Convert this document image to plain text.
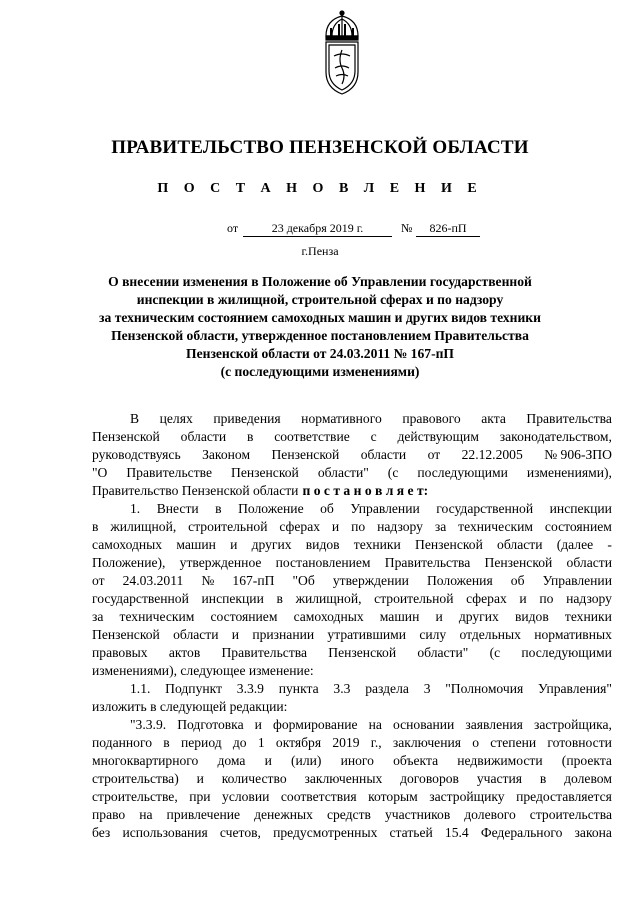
ПРАВИТЕЛЬСТВО ПЕНЗЕНСКОЙ ОБЛАСТИ
П О С Т А Н О В Л Е Н И Е
от	23 декабря 2019 г.	№	826-пП
г.Пенза
О внесении изменения в Положение об Управлении государственной
инспекции в жилищной, строительной сферах и по надзору
за техническим состоянием самоходных машин и других видов техники
Пензенской области, утвержденное постановлением Правительства
Пензенской области от 24.03.2011 № 167-пП
(с последующими изменениями)
В целях приведения нормативного правового акта Правительства
Пензенской области в соответствие с действующим законодательством,
руководствуясь Законом Пензенской области от 22.12.2005 № 906-ЗПО
"О Правительстве Пензенской области" (с последующими изменениями),
Правительство Пензенской области п о с т а н о в л я е т:
1. Внести в Положение об Управлении государственной инспекции
в жилищной, строительной сферах и по надзору за техническим состоянием
самоходных машин и других видов техники Пензенской области (далее -
Положение), утвержденное постановлением Правительства Пензенской области
от 24.03.2011 № 167-пП "Об утверждении Положения об Управлении
государственной инспекции в жилищной, строительной сферах и по надзору
за техническим состоянием самоходных машин и других видов техники
Пензенской области и признании утратившими силу отдельных нормативных
правовых актов Правительства Пензенской области" (с последующими
изменениями), следующее изменение:
1.1. Подпункт 3.3.9 пункта 3.3 раздела 3 "Полномочия Управления"
изложить в следующей редакции:
"3.3.9. Подготовка и формирование на основании заявления застройщика,
поданного в период до 1 октября 2019 г., заключения о степени готовности
многоквартирного дома и (или) иного объекта недвижимости (проекта
строительства) и количество заключенных договоров участия в долевом
строительстве, при условии соответствия которым застройщику предоставляется
право на привлечение денежных средств участников долевого строительства
без использования счетов, предусмотренных статьей 15.4 Федерального закона
